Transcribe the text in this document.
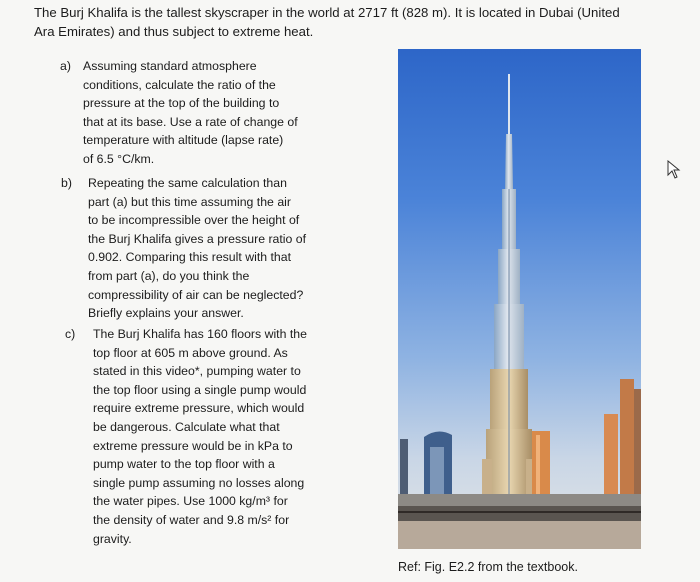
The Burj Khalifa is the tallest skyscraper in the world at 2717 ft (828 m). It is located in Dubai (United
Ara Emirates) and thus subject to extreme heat.

a) Assuming standard atmosphere
conditions, calculate the ratio of the
pressure at the top of the building to
that at its base. Use a rate of change of
temperature with altitude (lapse rate)
of 6.5 °C/km.
b) Repeating the same calculation than
part (a) but this time assuming the air
to be incompressible over the height of
the Burj Khalifa gives a pressure ratio of
0.902. Comparing this result with that
from part (a), do you think the
compressibility of air can be neglected?
Briefly explains your answer.
c) The Burj Khalifa has 160 floors with the
top floor at 605 m above ground. As
stated in this video*, pumping water to
the top floor using a single pump would
require extreme pressure, which would
be dangerous. Calculate what that
extreme pressure would be in kPa to
pump water to the top floor with a
single pump assuming no losses along
the water pipes. Use 1000 kg/m³ for
the density of water and 9.8 m/s² for
gravity.
Ref: Fig. E2.2 from the textbook.
